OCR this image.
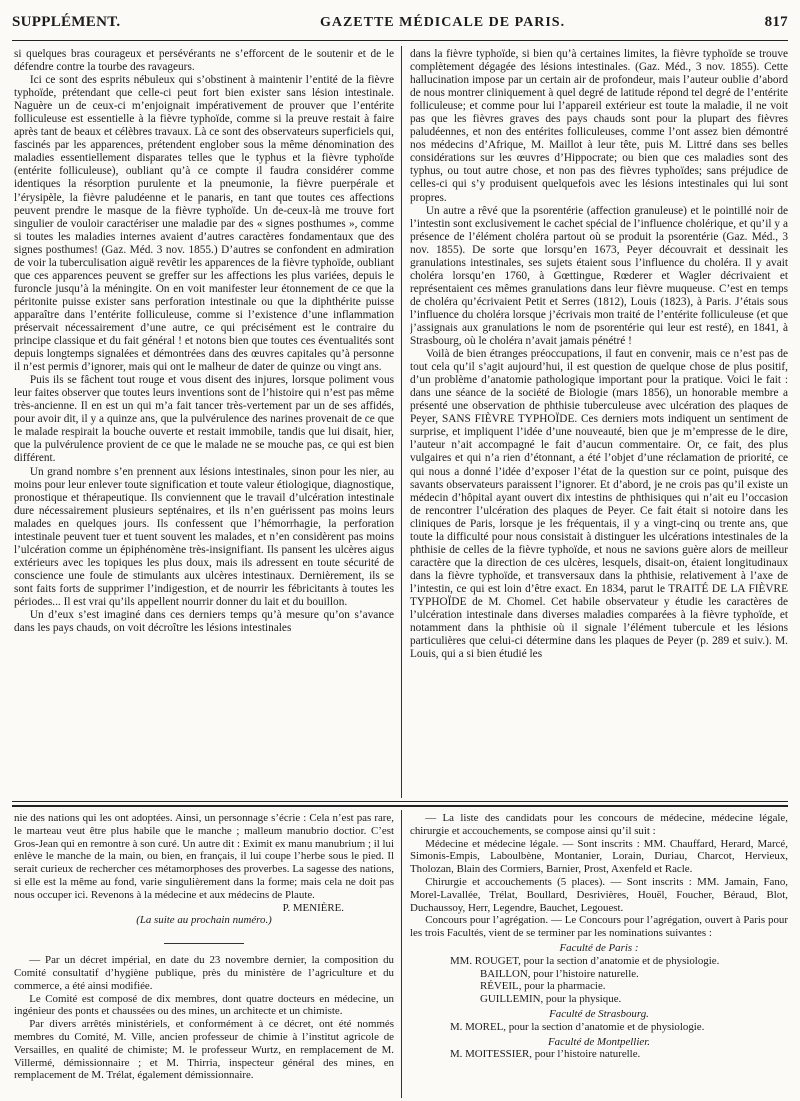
SUPPLÉMENT.	GAZETTE MÉDICALE DE PARIS.	817

si quelques bras courageux et persévérants ne s’efforcent de le soutenir et de le défendre contre la tourbe des ravageurs.

Ici ce sont des esprits nébuleux qui s’obstinent à maintenir l’entité de la fièvre typhoïde, prétendant que celle-ci peut fort bien exister sans lésion intestinale. Naguère un de ceux-ci m’enjoignait impérativement de prouver que l’entérite folliculeuse est essentielle à la fièvre typhoïde, comme si la preuve restait à faire après tant de beaux et célèbres travaux. Là ce sont des observateurs superficiels qui, fascinés par les apparences, prétendent englober sous la même dénomination des maladies essentiellement disparates telles que le typhus et la fièvre typhoïde (entérite folliculeuse), oubliant qu’à ce compte il faudra considérer comme identiques la résorption purulente et la pneumonie, la fièvre puerpérale et l’érysipèle, la fièvre paludéenne et le panaris, en tant que toutes ces affections peuvent prendre le masque de la fièvre typhoïde. Un de-ceux-là me trouve fort singulier de vouloir caractériser une maladie par des « signes posthumes », comme si toutes les maladies internes avaient d’autres caractères fondamentaux que des signes posthumes! (Gaz. Méd. 3 nov. 1855.) D’autres se confondent en admiration de voir la tuberculisation aiguë revêtir les apparences de la fièvre typhoïde, oubliant que ces apparences peuvent se greffer sur les affections les plus variées, depuis le furoncle jusqu’à la méningite. On en voit manifester leur étonnement de ce que la péritonite puisse exister sans perforation intestinale ou que la diphthérite puisse apparaître dans l’entérite folliculeuse, comme si l’existence d’une inflammation préservait nécessairement d’une autre, ce qui précisément est le contraire du principe classique et du fait général ! et notons bien que toutes ces éventualités sont depuis longtemps signalées et démontrées dans des œuvres capitales qu’à personne il n’est permis d’ignorer, mais qui ont le malheur de dater de quinze ou vingt ans.

Puis ils se fâchent tout rouge et vous disent des injures, lorsque poliment vous leur faites observer que toutes leurs inventions sont de l’histoire qui n’est pas même très-ancienne. Il en est un qui m’a fait tancer très-vertement par un de ses affidés, pour avoir dit, il y a quinze ans, que la pulvérulence des narines provenait de ce que le malade respirait la bouche ouverte et restait immobile, tandis que lui disait, hier, que la pulvérulence provient de ce que le malade ne se mouche pas, ce qui est bien différent.

Un grand nombre s’en prennent aux lésions intestinales, sinon pour les nier, au moins pour leur enlever toute signification et toute valeur étiologique, diagnostique, pronostique et thérapeutique. Ils conviennent que le travail d’ulcération intestinale dure nécessairement plusieurs septénaires, et ils n’en guérissent pas moins leurs malades en quelques jours. Ils confessent que l’hémorrhagie, la perforation intestinale peuvent tuer et tuent souvent les malades, et n’en considèrent pas moins l’ulcération comme un épiphénomène très-insignifiant. Ils pansent les ulcères aigus extérieurs avec les topiques les plus doux, mais ils adressent en toute sécurité de conscience une foule de stimulants aux ulcères intestinaux. Dernièrement, ils se sont faits forts de supprimer l’indigestion, et de nourrir les fébricitants à toutes les périodes... Il est vrai qu’ils appellent nourrir donner du lait et du bouillon.

Un d’eux s’est imaginé dans ces derniers temps qu’à mesure qu’on s’avance dans les pays chauds, on voit décroître les lésions intestinales

dans la fièvre typhoïde, si bien qu’à certaines limites, la fièvre typhoïde se trouve complètement dégagée des lésions intestinales. (Gaz. Méd., 3 nov. 1855). Cette hallucination impose par un certain air de profondeur, mais l’auteur oublie d’abord de nous montrer cliniquement à quel degré de latitude répond tel degré de l’entérite folliculeuse; et comme pour lui l’appareil extérieur est toute la maladie, il ne voit pas que les fièvres graves des pays chauds sont pour la plupart des fièvres paludéennes, et non des entérites folliculeuses, comme l’ont assez bien démontré nos médecins d’Afrique, M. Maillot à leur tête, puis M. Littré dans ses belles considérations sur les œuvres d’Hippocrate; ou bien que ces maladies sont des typhus, ou tout autre chose, et non pas des fièvres typhoïdes; sans préjudice de celles-ci qui s’y produisent quelquefois avec les lésions intestinales qui lui sont propres.

Un autre a rêvé que la psorentérie (affection granuleuse) et le pointillé noir de l’intestin sont exclusivement le cachet spécial de l’influence cholérique, et qu’il y a présence de l’élément choléra partout où se produit la psorentérie (Gaz. Méd., 3 nov. 1855). De sorte que lorsqu’en 1673, Peyer découvrait et dessinait les granulations intestinales, ses sujets étaient sous l’influence du choléra. Il y avait choléra lorsqu’en 1760, à Gœttingue, Rœderer et Wagler décrivaient et représentaient ces mêmes granulations dans leur fièvre muqueuse. C’est en temps de choléra qu’écrivaient Petit et Serres (1812), Louis (1823), à Paris. J’étais sous l’influence du choléra lorsque j’écrivais mon traité de l’entérite folliculeuse (et que j’assignais aux granulations le nom de psorentérie qui leur est resté), en 1841, à Strasbourg, où le choléra n’avait jamais pénétré !

Voilà de bien étranges préoccupations, il faut en convenir, mais ce n’est pas de tout cela qu’il s’agit aujourd’hui, il est question de quelque chose de plus positif, d’un problème d’anatomie pathologique important pour la pratique. Voici le fait : dans une séance de la société de Biologie (mars 1856), un honorable membre a présenté une observation de phthisie tuberculeuse avec ulcération des plaques de Peyer, SANS FIÈVRE TYPHOÏDE. Ces derniers mots indiquent un sentiment de surprise, et impliquent l’idée d’une nouveauté, bien que je m’empresse de le dire, l’auteur n’ait accompagné le fait d’aucun commentaire. Or, ce fait, des plus vulgaires et qui n’a rien d’étonnant, a été l’objet d’une réclamation de priorité, ce qui nous a donné l’idée d’exposer l’état de la question sur ce point, puisque des savants observateurs paraissent l’ignorer. Et d’abord, je ne crois pas qu’il existe un médecin d’hôpital ayant ouvert dix intestins de phthisiques qui n’ait eu l’occasion de rencontrer l’ulcération des plaques de Peyer. Ce fait était si notoire dans les cliniques de Paris, lorsque je les fréquentais, il y a vingt-cinq ou trente ans, que toute la difficulté pour nous consistait à distinguer les ulcérations intestinales de la phthisie de celles de la fièvre typhoïde, et nous ne savions guère alors de meilleur caractère que la direction de ces ulcères, lesquels, disait-on, étaient longitudinaux dans la fièvre typhoïde, et transversaux dans la phthisie, relativement à l’axe de l’intestin, ce qui est loin d’être exact. En 1834, parut le TRAITÉ DE LA FIÈVRE TYPHOÏDE de M. Chomel. Cet habile observateur y étudie les caractères de l’ulcération intestinale dans diverses maladies comparées à la fièvre typhoïde, et notamment dans la phthisie où il signale l’élément tubercule et les lésions particulières que celui-ci détermine dans les plaques de Peyer (p. 289 et suiv.). M. Louis, qui a si bien étudié les

nie des nations qui les ont adoptées. Ainsi, un personnage s’écrie : Cela n’est pas rare, le marteau veut être plus habile que le manche ; malleum manubrio doctior. C’est Gros-Jean qui en remontre à son curé. Un autre dit : Eximit ex manu manubrium ; il lui enlève le manche de la main, ou bien, en français, il lui coupe l’herbe sous le pied. Il serait curieux de rechercher ces métamorphoses des proverbes. La sagesse des nations, si elle est la même au fond, varie singulièrement dans la forme; mais cela ne doit pas nous occuper ici. Revenons à la médecine et aux médecins de Plaute.

P. MENIÈRE.

(La suite au prochain numéro.)

— Par un décret impérial, en date du 23 novembre dernier, la composition du Comité consultatif d’hygiène publique, près du ministère de l’agriculture et du commerce, a été ainsi modifiée.

Le Comité est composé de dix membres, dont quatre docteurs en médecine, un ingénieur des ponts et chaussées ou des mines, un architecte et un chimiste.

Par divers arrêtés ministériels, et conformément à ce décret, ont été nommés membres du Comité, M. Ville, ancien professeur de chimie à l’institut agricole de Versailles, en qualité de chimiste; M. le professeur Wurtz, en remplacement de M. Villermé, démissionnaire ; et M. Thirria, inspecteur général des mines, en remplacement de M. Trélat, également démissionnaire.

— La liste des candidats pour les concours de médecine, médecine légale, chirurgie et accouchements, se compose ainsi qu’il suit :

Médecine et médecine légale. — Sont inscrits : MM. Chauffard, Herard, Marcé, Simonis-Empis, Laboulbène, Montanier, Lorain, Duriau, Charcot, Hervieux, Tholozan, Blain des Cormiers, Barnier, Prost, Axenfeld et Racle.

Chirurgie et accouchements (5 places). — Sont inscrits : MM. Jamain, Fano, Morel-Lavallée, Trélat, Boullard, Desrivières, Houël, Foucher, Béraud, Blot, Duchaussoy, Herr, Legendre, Bauchet, Legouest.

Concours pour l’agrégation. — Le Concours pour l’agrégation, ouvert à Paris pour les trois Facultés, vient de se terminer par les nominations suivantes :

Faculté de Paris :

MM. ROUGET, pour la section d’anatomie et de physiologie.

BAILLON, pour l’histoire naturelle.

RÉVEIL, pour la pharmacie.

GUILLEMIN, pour la physique.

Faculté de Strasbourg.

M. MOREL, pour la section d’anatomie et de physiologie.

Faculté de Montpellier.

M. MOITESSIER, pour l’histoire naturelle.
